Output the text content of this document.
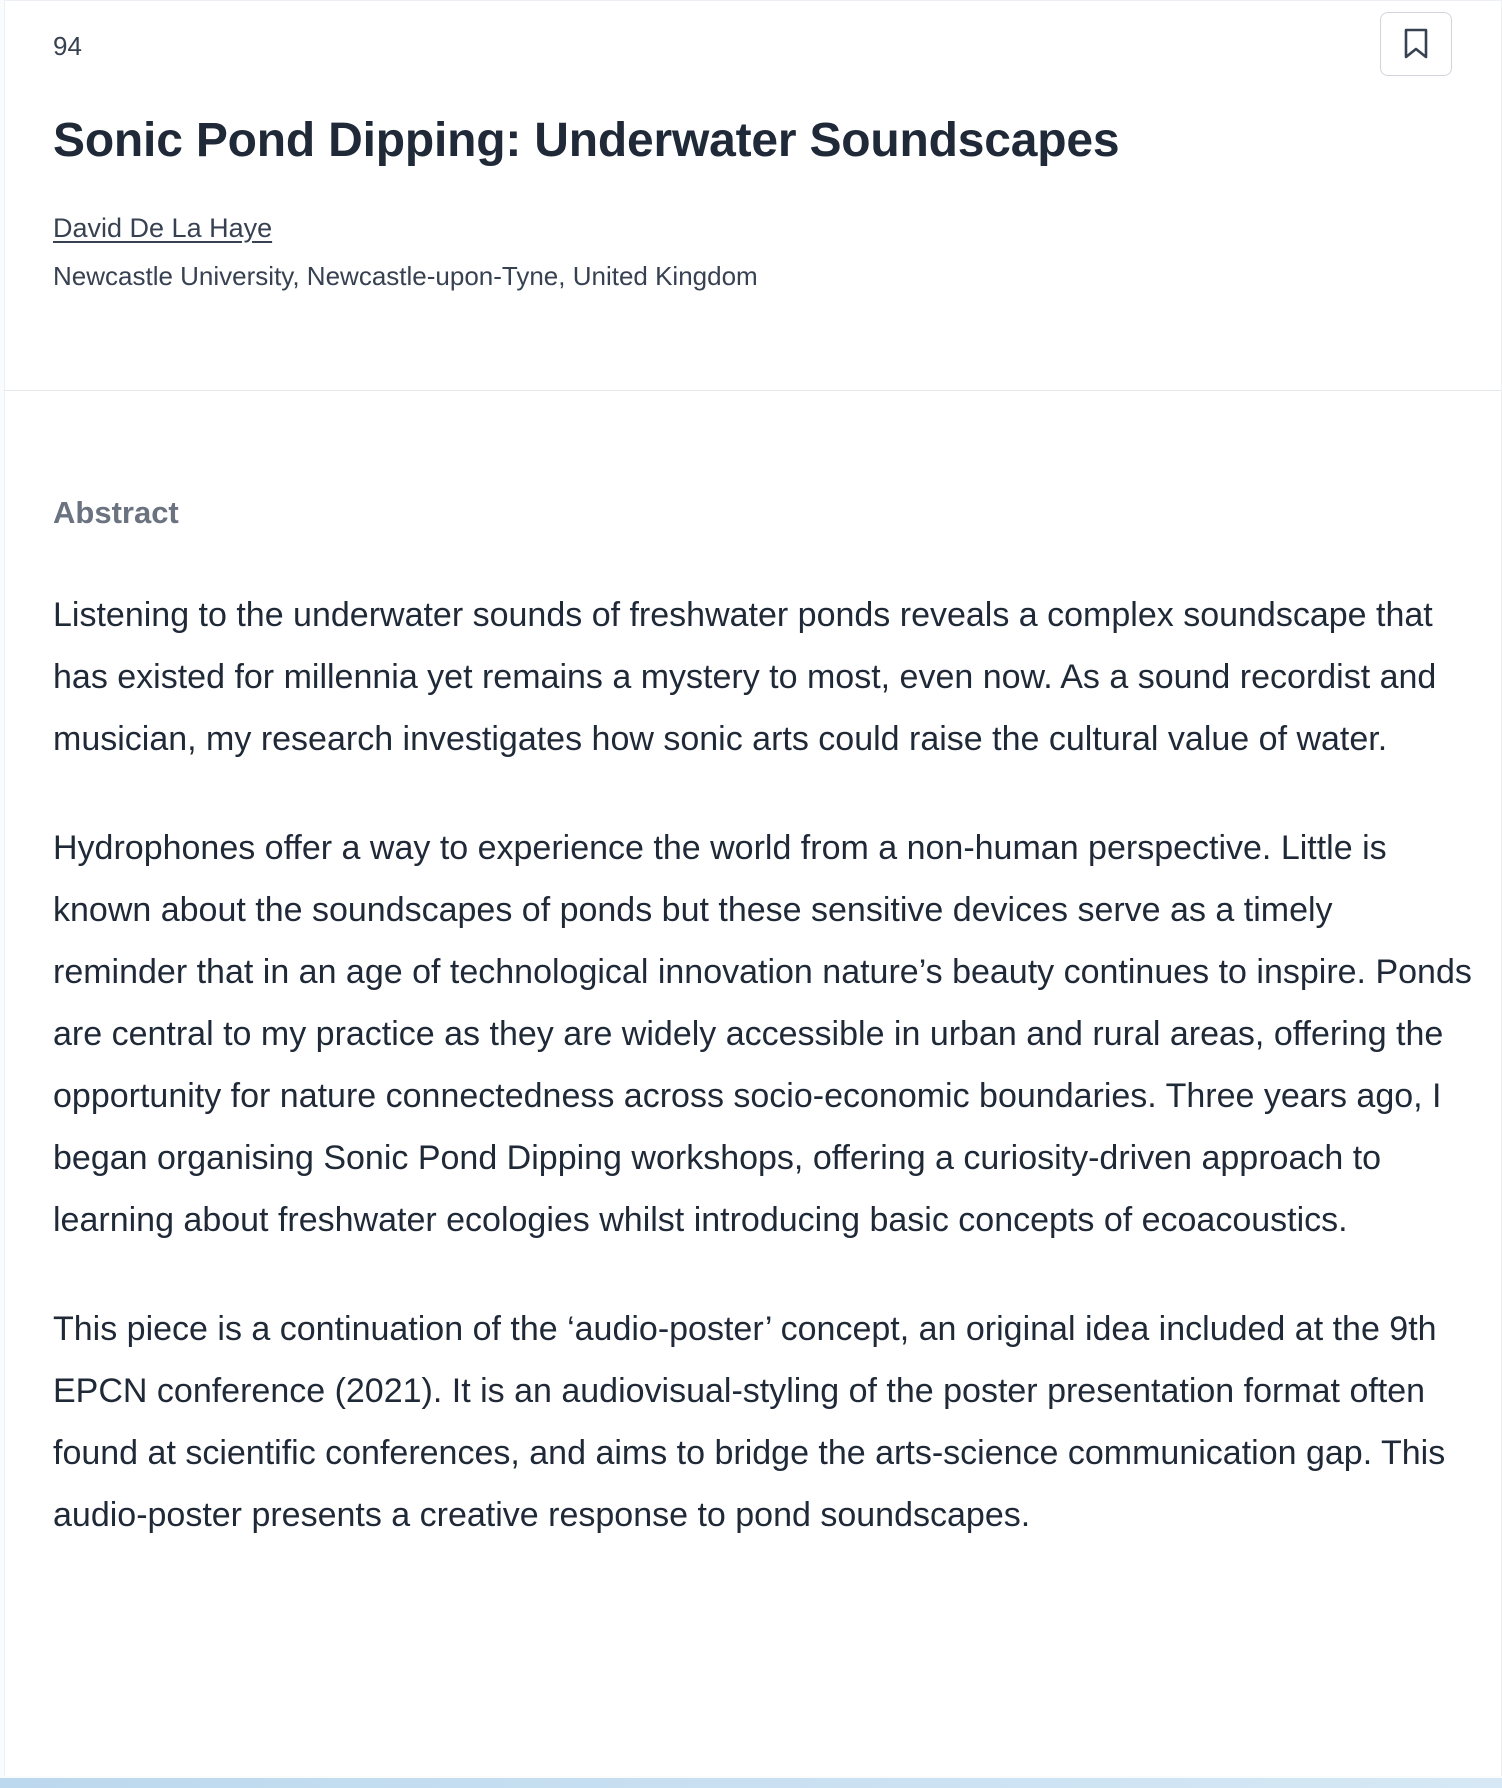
94
Sonic Pond Dipping: Underwater Soundscapes
David De La Haye
Newcastle University, Newcastle-upon-Tyne, United Kingdom
Abstract

Listening to the underwater sounds of freshwater ponds reveals a complex soundscape that has existed for millennia yet remains a mystery to most, even now. As a sound recordist and musician, my research investigates how sonic arts could raise the cultural value of water.

Hydrophones offer a way to experience the world from a non-human perspective. Little is known about the soundscapes of ponds but these sensitive devices serve as a timely reminder that in an age of technological innovation nature’s beauty continues to inspire. Ponds are central to my practice as they are widely accessible in urban and rural areas, offering the opportunity for nature connectedness across socio-economic boundaries. Three years ago, I began organising Sonic Pond Dipping workshops, offering a curiosity-driven approach to learning about freshwater ecologies whilst introducing basic concepts of ecoacoustics.

This piece is a continuation of the ‘audio-poster’ concept, an original idea included at the 9th EPCN conference (2021). It is an audiovisual-styling of the poster presentation format often found at scientific conferences, and aims to bridge the arts-science communication gap. This audio-poster presents a creative response to pond soundscapes.
